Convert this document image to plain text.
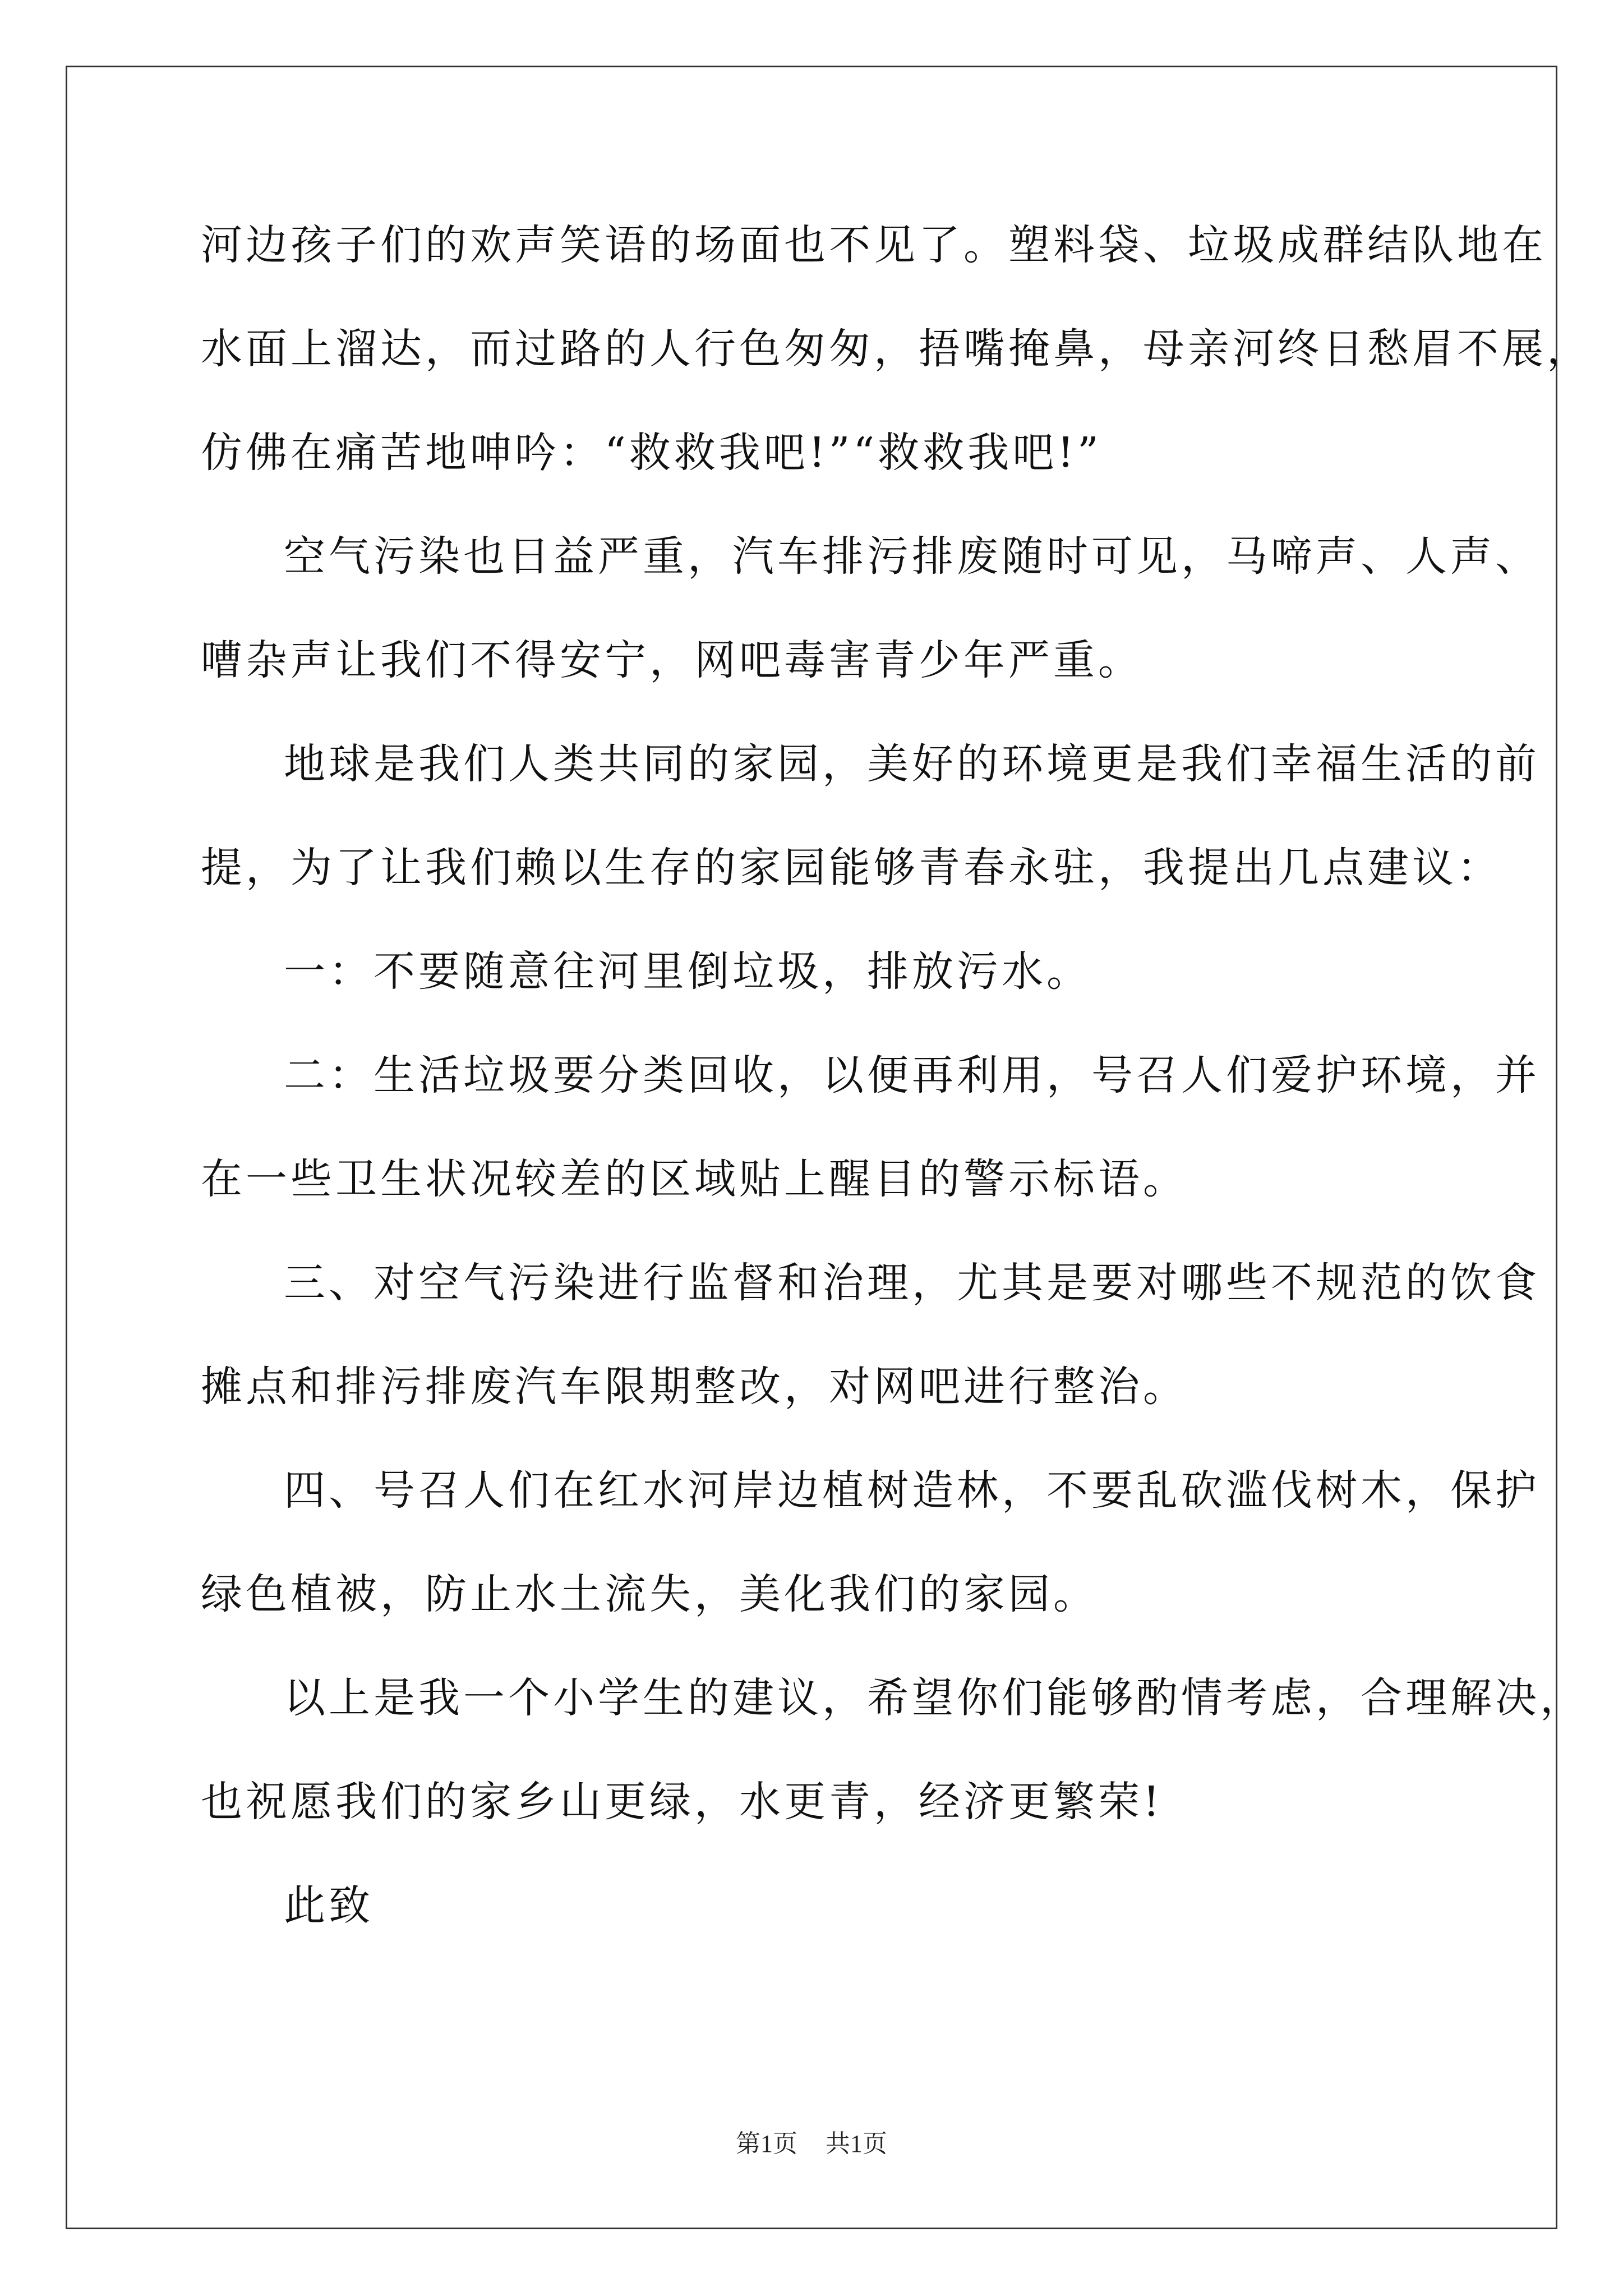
河边孩子们的欢声笑语的场面也不见了。塑料袋、垃圾成群结队地在
水面上溜达，而过路的人行色匆匆，捂嘴掩鼻，母亲河终日愁眉不展，
仿佛在痛苦地呻吟：“救救我吧!”“救救我吧!”
空气污染也日益严重，汽车排污排废随时可见，马啼声、人声、
嘈杂声让我们不得安宁，网吧毒害青少年严重。
地球是我们人类共同的家园，美好的环境更是我们幸福生活的前
提，为了让我们赖以生存的家园能够青春永驻，我提出几点建议：
一：不要随意往河里倒垃圾，排放污水。
二：生活垃圾要分类回收，以便再利用，号召人们爱护环境，并
在一些卫生状况较差的区域贴上醒目的警示标语。
三、对空气污染进行监督和治理，尤其是要对哪些不规范的饮食
摊点和排污排废汽车限期整改，对网吧进行整治。
四、号召人们在红水河岸边植树造林，不要乱砍滥伐树木，保护
绿色植被，防止水土流失，美化我们的家园。
以上是我一个小学生的建议，希望你们能够酌情考虑，合理解决，
也祝愿我们的家乡山更绿，水更青，经济更繁荣!
此致
第1页 共1页
